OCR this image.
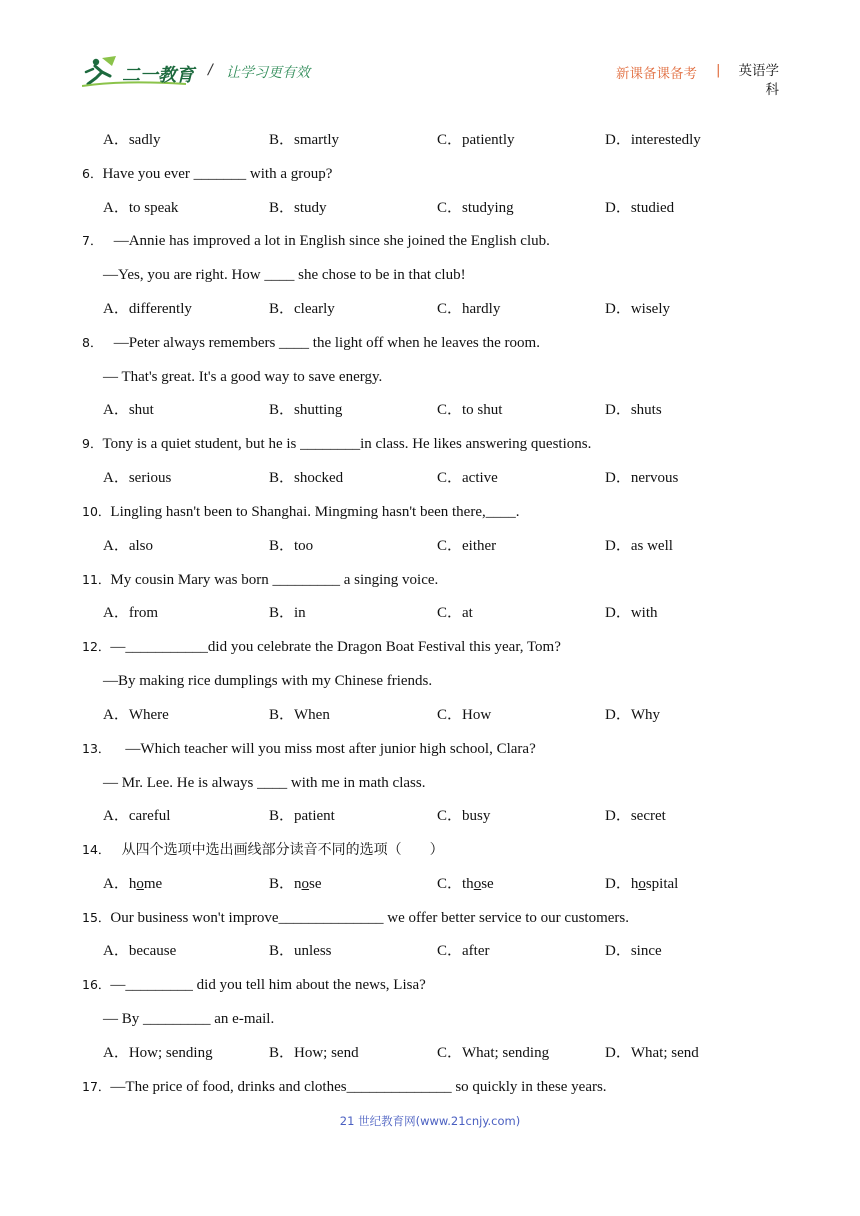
二一教育 / 让学习更有效	新课备课备考 |	英语学科
A．sadly	B．smartly	C．patiently	D．interestedly
6．Have you ever _______ with a group?
A．to speak	B．study	C．studying	D．studied
7． —Annie has improved a lot in English since she joined the English club.
—Yes, you are right. How ____ she chose to be in that club!
A．differently	B．clearly	C．hardly	D．wisely
8． —Peter always remembers ____ the light off when he leaves the room.
— That's great. It's a good way to save energy.
A．shut	B．shutting	C．to shut	D．shuts
9．Tony is a quiet student, but he is ________in class. He likes answering questions.
A．serious	B．shocked	C．active	D．nervous
10．Lingling hasn't been to Shanghai. Mingming hasn't been there,____.
A．also	B．too	C．either	D．as well
11．My cousin Mary was born _________ a singing voice.
A．from	B．in	C．at	D．with
12．—___________did you celebrate the Dragon Boat Festival this year, Tom?
—By making rice dumplings with my Chinese friends.
A．Where	B．When	C．How	D．Why
13． —Which teacher will you miss most after junior high school, Clara?
— Mr. Lee. He is always ____ with me in math class.
A．careful	B．patient	C．busy	D．secret
14． 从四个选项中选出画线部分读音不同的选项（　　）
A．home	B．nose	C．those	D．hospital
15．Our business won't improve______________ we offer better service to our customers.
A．because	B．unless	C．after	D．since
16．—_________ did you tell him about the news, Lisa?
— By _________ an e-mail.
A．How; sending	B．How; send	C．What; sending	D．What; send
17．—The price of food, drinks and clothes______________ so quickly in these years.
21 世纪教育网(www.21cnjy.com)
